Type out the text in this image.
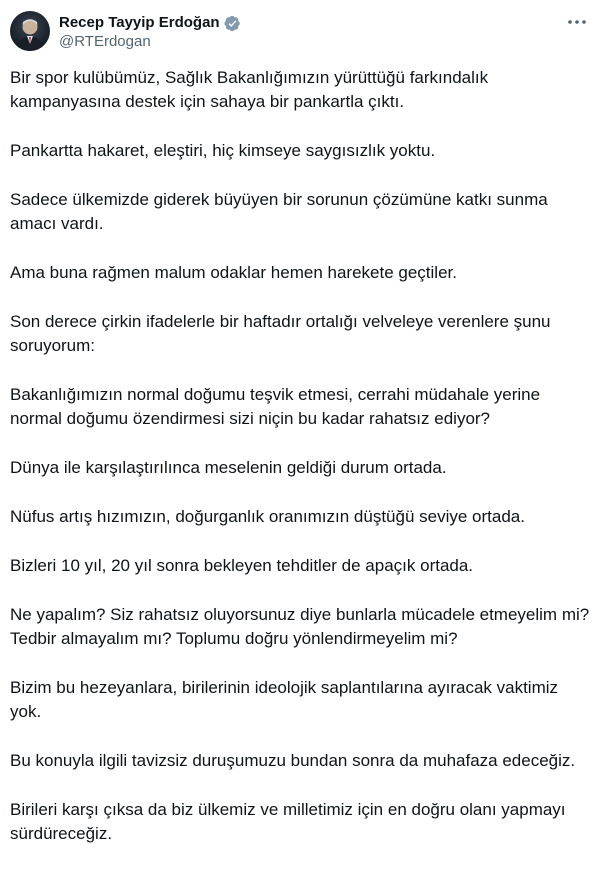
Recep Tayyip Erdoğan
@RTErdogan

Bir spor kulübümüz, Sağlık Bakanlığımızın yürüttüğü farkındalık kampanyasına destek için sahaya bir pankartla çıktı.

Pankartta hakaret, eleştiri, hiç kimseye saygısızlık yoktu.

Sadece ülkemizde giderek büyüyen bir sorunun çözümüne katkı sunma amacı vardı.

Ama buna rağmen malum odaklar hemen harekete geçtiler.

Son derece çirkin ifadelerle bir haftadır ortalığı velveleye verenlere şunu soruyorum:

Bakanlığımızın normal doğumu teşvik etmesi, cerrahi müdahale yerine normal doğumu özendirmesi sizi niçin bu kadar rahatsız ediyor?

Dünya ile karşılaştırılınca meselenin geldiği durum ortada.

Nüfus artış hızımızın, doğurganlık oranımızın düştüğü seviye ortada.

Bizleri 10 yıl, 20 yıl sonra bekleyen tehditler de apaçık ortada.

Ne yapalım? Siz rahatsız oluyorsunuz diye bunlarla mücadele etmeyelim mi? Tedbir almayalım mı? Toplumu doğru yönlendirmeyelim mi?

Bizim bu hezeyanlara, birilerinin ideolojik saplantılarına ayıracak vaktimiz yok.

Bu konuyla ilgili tavizsiz duruşumuzu bundan sonra da muhafaza edeceğiz.

Birileri karşı çıksa da biz ülkemiz ve milletimiz için en doğru olanı yapmayı sürdüreceğiz.
